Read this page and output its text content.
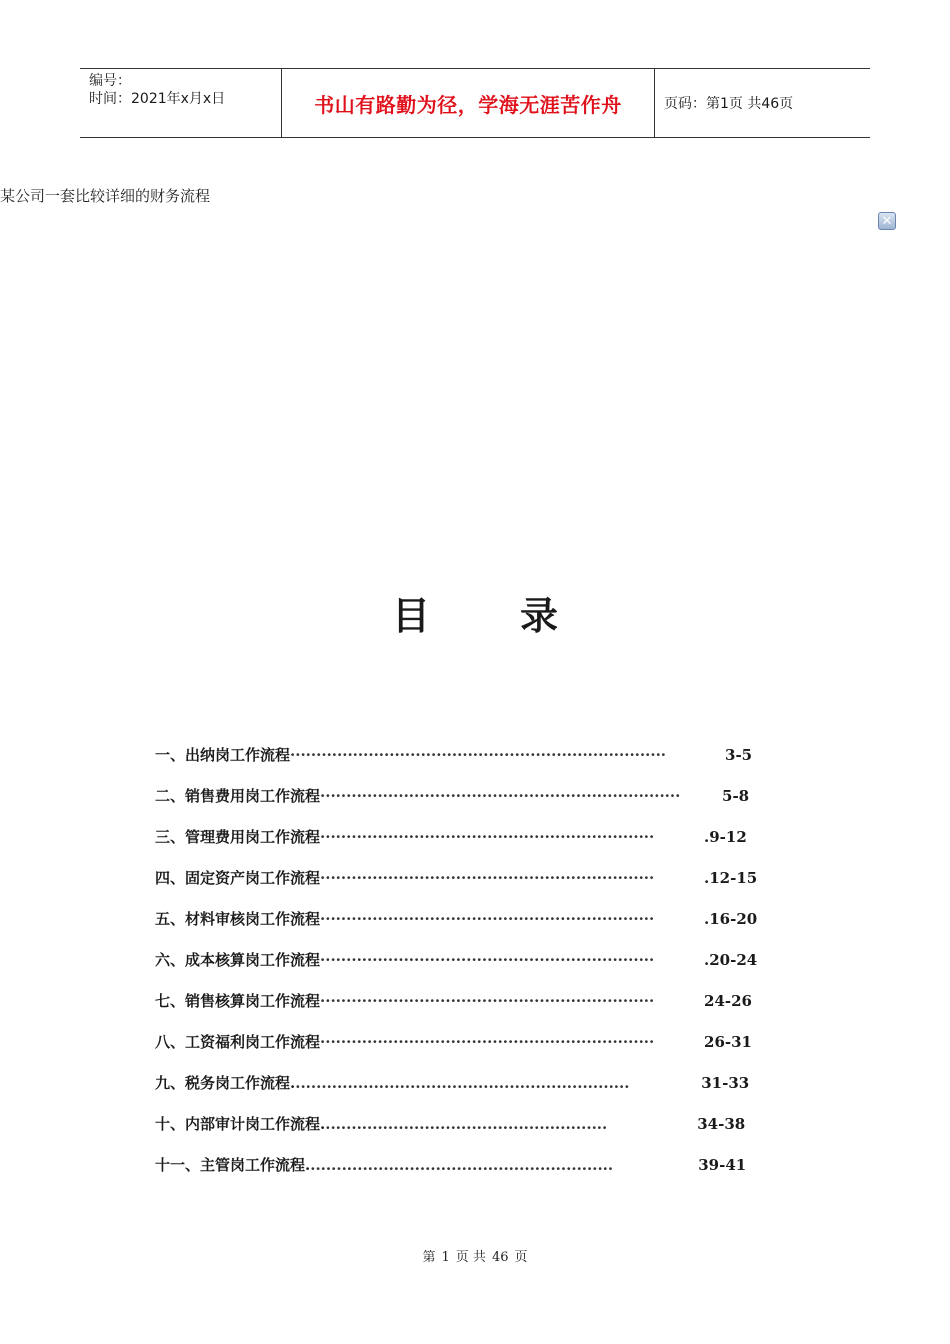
编号：
时间：2021年x月x日	书山有路勤为径，学海无涯苦作舟	页码：第1页 共46页
某公司一套比较详细的财务流程
✕
目 录
一、出纳岗工作流程 ········································································	3-5
二、销售费用岗工作流程 ·····································································	5-8
三、管理费用岗工作流程 ································································	.9-12
四、固定资产岗工作流程 ································································	.12-15
五、材料审核岗工作流程 ································································	.16-20
六、成本核算岗工作流程 ································································	.20-24
七、销售核算岗工作流程 ································································	24-26
八、工资福利岗工作流程 ································································	26-31
九、税务岗工作流程. ................................................................	31-33
十、内部审计岗工作流程. ......................................................	34-38
十一、主管岗工作流程. ..........................................................	39-41
第 1 页 共 46 页
